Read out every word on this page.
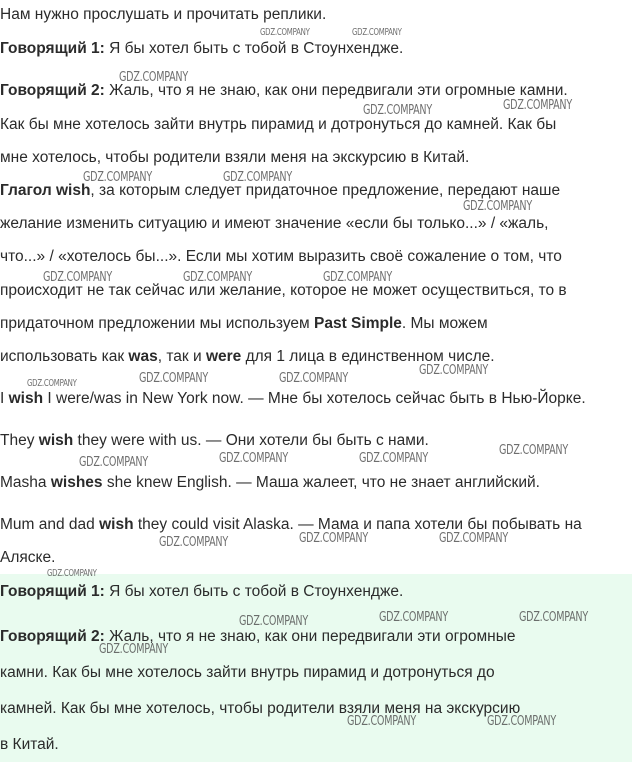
Нам нужно прослушать и прочитать реплики.
Говорящий 1: Я бы хотел быть с тобой в Стоунхендже.
Говорящий 2: Жаль, что я не знаю, как они передвигали эти огромные камни.
Как бы мне хотелось зайти внутрь пирамид и дотронуться до камней. Как бы
мне хотелось, чтобы родители взяли меня на экскурсию в Китай.
Глагол wish, за которым следует придаточное предложение, передают наше
желание изменить ситуацию и имеют значение «если бы только...» / «жаль,
что...» / «хотелось бы...». Если мы хотим выразить своё сожаление о том, что
происходит не так сейчас или желание, которое не может осуществиться, то в
придаточном предложении мы используем Past Simple. Мы можем
использовать как was, так и were для 1 лица в единственном числе.
I wish I were/was in New York now. — Мне бы хотелось сейчас быть в Нью-Йорке.
They wish they were with us. — Они хотели бы быть с нами.
Masha wishes she knew English. — Маша жалеет, что не знает английский.
Mum and dad wish they could visit Alaska. — Мама и папа хотели бы побывать на
Аляске.
Говорящий 1: Я бы хотел быть с тобой в Стоунхендже.
Говорящий 2: Жаль, что я не знаю, как они передвигали эти огромные
камни. Как бы мне хотелось зайти внутрь пирамид и дотронуться до
камней. Как бы мне хотелось, чтобы родители взяли меня на экскурсию
в Китай.
GDZ.COMPANY	GDZ.COMPANY
GDZ.COMPANY
GDZ.COMPANY	GDZ.COMPANY
GDZ.COMPANY	GDZ.COMPANY
GDZ.COMPANY
GDZ.COMPANY	GDZ.COMPANY	GDZ.COMPANY
GDZ.COMPANY
GDZ.COMPANY	GDZ.COMPANY	GDZ.COMPANY
GDZ.COMPANY
GDZ.COMPANY	GDZ.COMPANY
GDZ.COMPANY
GDZ.COMPANY	GDZ.COMPANY
GDZ.COMPANY
GDZ.COMPANY
GDZ.COMPANY	GDZ.COMPANY
GDZ.COMPANY
GDZ.COMPANY
GDZ.COMPANY	GDZ.COMPANY
